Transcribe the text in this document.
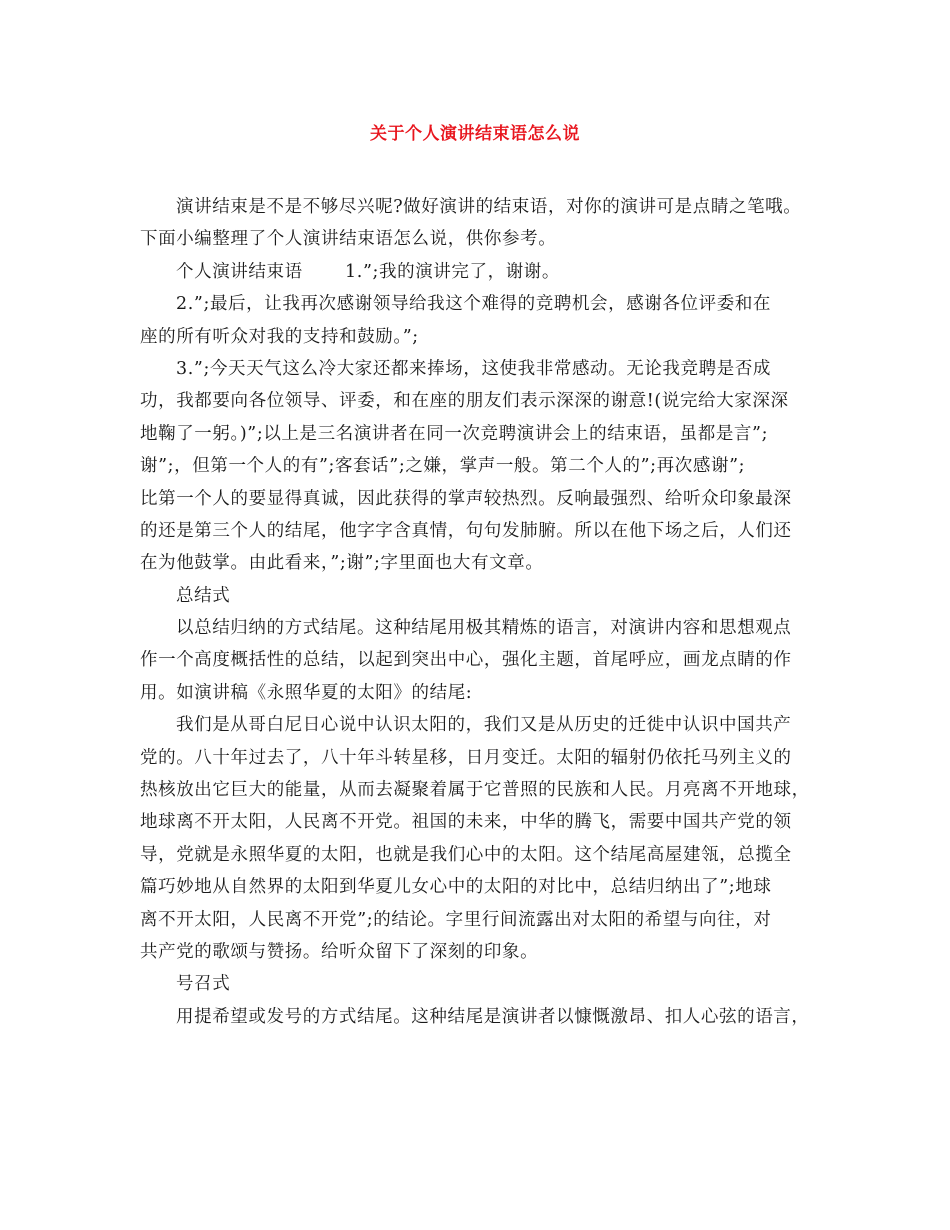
关于个人演讲结束语怎么说
演讲结束是不是不够尽兴呢?做好演讲的结束语，对你的演讲可是点睛之笔哦。
下面小编整理了个人演讲结束语怎么说，供你参考。
个人演讲结束语　　 1.”;我的演讲完了，谢谢。
2.”;最后，让我再次感谢领导给我这个难得的竞聘机会，感谢各位评委和在
座的所有听众对我的支持和鼓励。”;
3.”;今天天气这么冷大家还都来捧场，这使我非常感动。无论我竞聘是否成
功，我都要向各位领导、评委，和在座的朋友们表示深深的谢意!(说完给大家深深
地鞠了一躬。)”;以上是三名演讲者在同一次竞聘演讲会上的结束语，虽都是言”;
谢”;，但第一个人的有”;客套话”;之嫌，掌声一般。第二个人的”;再次感谢”;
比第一个人的要显得真诚，因此获得的掌声较热烈。反响最强烈、给听众印象最深
的还是第三个人的结尾，他字字含真情，句句发肺腑。所以在他下场之后，人们还
在为他鼓掌。由此看来，”;谢”;字里面也大有文章。
总结式
以总结归纳的方式结尾。这种结尾用极其精炼的语言，对演讲内容和思想观点
作一个高度概括性的总结，以起到突出中心，强化主题，首尾呼应，画龙点睛的作
用。如演讲稿《永照华夏的太阳》的结尾:
我们是从哥白尼日心说中认识太阳的，我们又是从历史的迁徙中认识中国共产
党的。八十年过去了，八十年斗转星移，日月变迁。太阳的辐射仍依托马列主义的
热核放出它巨大的能量，从而去凝聚着属于它普照的民族和人民。月亮离不开地球，
地球离不开太阳，人民离不开党。祖国的未来，中华的腾飞，需要中国共产党的领
导，党就是永照华夏的太阳，也就是我们心中的太阳。这个结尾高屋建瓴，总揽全
篇巧妙地从自然界的太阳到华夏儿女心中的太阳的对比中，总结归纳出了”;地球
离不开太阳，人民离不开党”;的结论。字里行间流露出对太阳的希望与向往，对
共产党的歌颂与赞扬。给听众留下了深刻的印象。
号召式
用提希望或发号的方式结尾。这种结尾是演讲者以慷慨激昂、扣人心弦的语言，
